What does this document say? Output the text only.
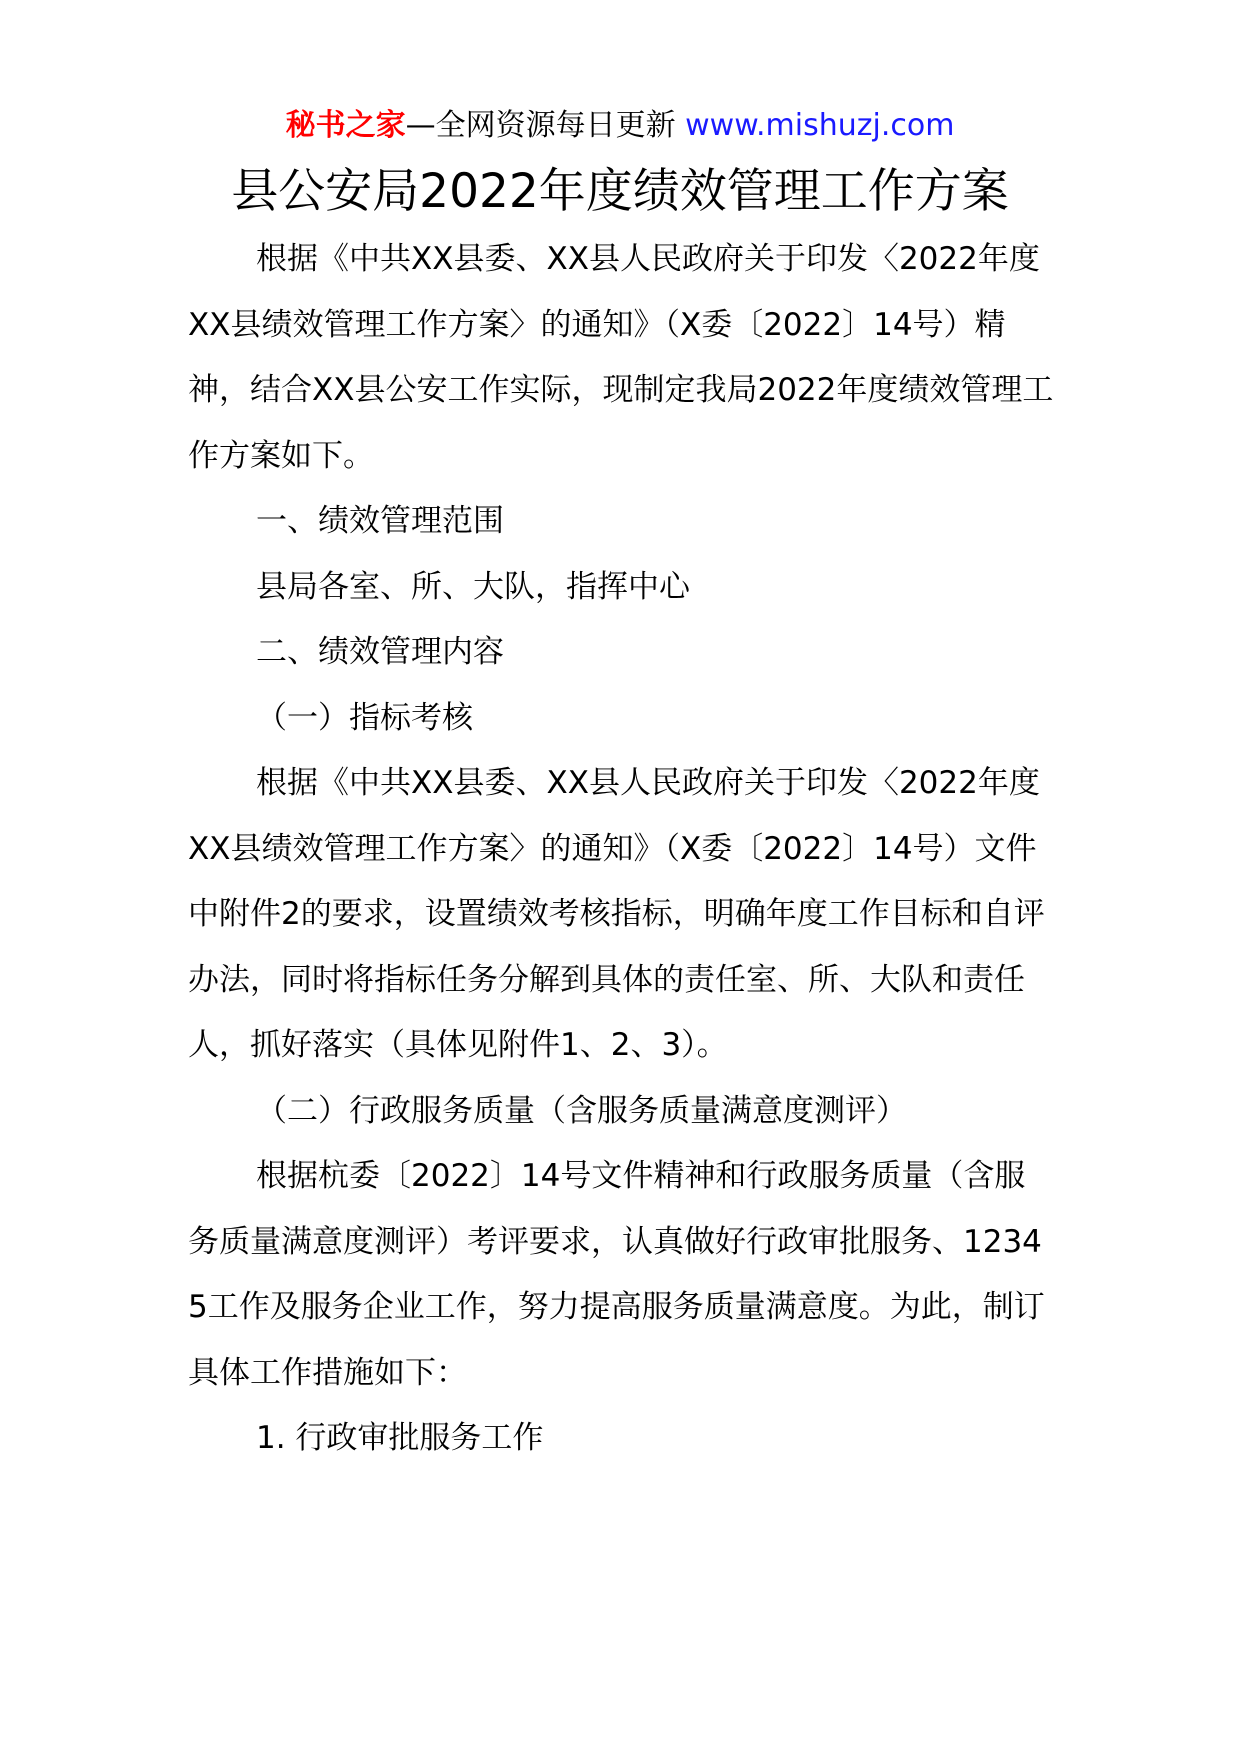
秘书之家—全网资源每日更新 www.mishuzj.com
县公安局2022年度绩效管理工作方案

根据《中共XX县委、XX县人民政府关于印发〈2022年度XX县绩效管理工作方案〉的通知》（X委〔2022〕14号）精神，结合XX县公安工作实际，现制定我局2022年度绩效管理工作方案如下。

一、绩效管理范围

县局各室、所、大队，指挥中心

二、绩效管理内容

（一）指标考核

根据《中共XX县委、XX县人民政府关于印发〈2022年度XX县绩效管理工作方案〉的通知》（X委〔2022〕14号）文件中附件2的要求，设置绩效考核指标，明确年度工作目标和自评办法，同时将指标任务分解到具体的责任室、所、大队和责任人，抓好落实（具体见附件1、2、3）。

（二）行政服务质量（含服务质量满意度测评）

根据杭委〔2022〕14号文件精神和行政服务质量（含服务质量满意度测评）考评要求，认真做好行政审批服务、12345工作及服务企业工作，努力提高服务质量满意度。为此，制订具体工作措施如下：

1. 行政审批服务工作
